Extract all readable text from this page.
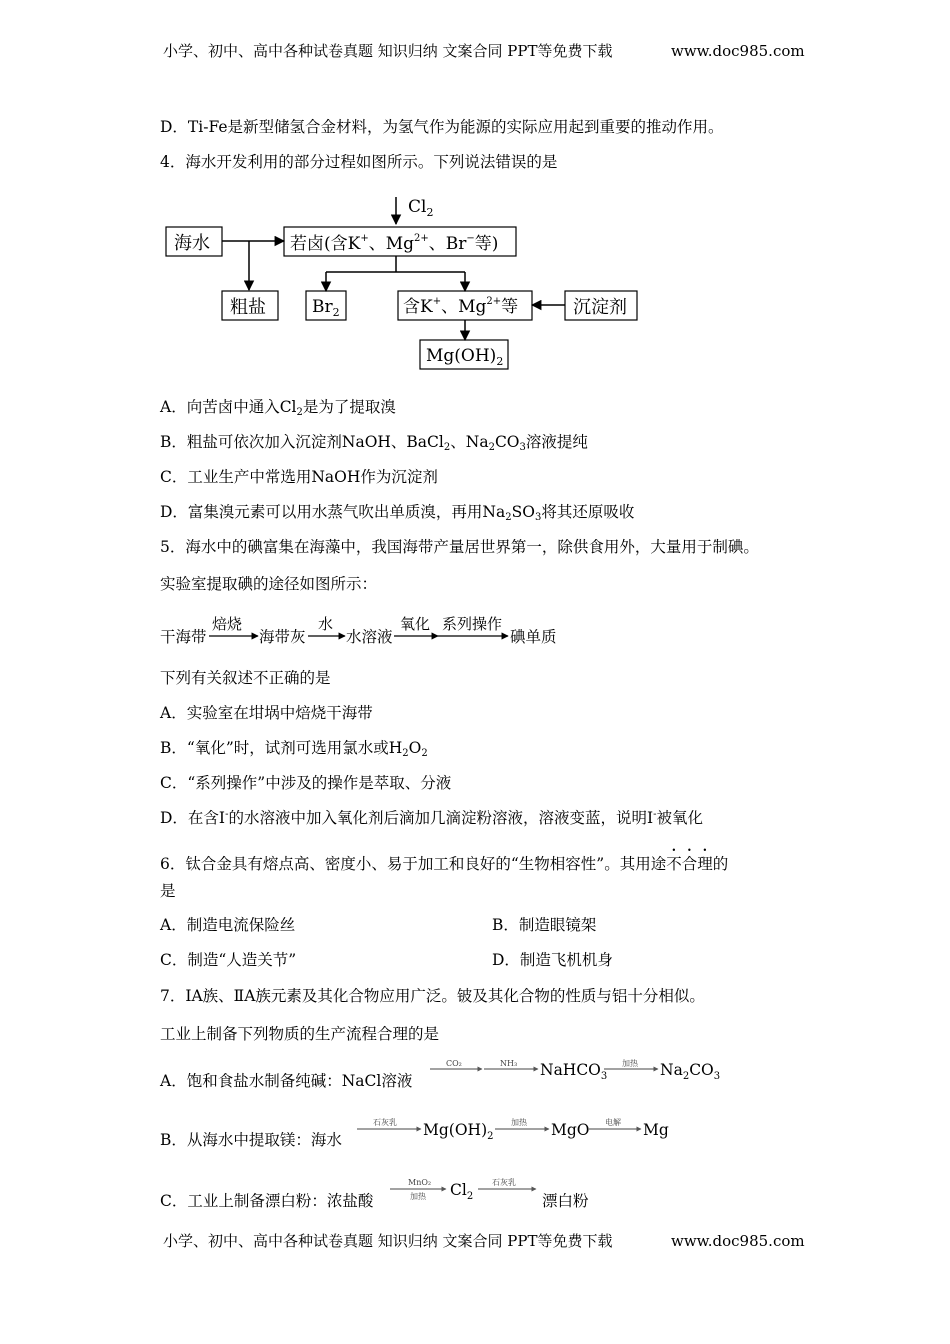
小学、初中、高中各种试卷真题 知识归纳 文案合同 PPT等免费下载	www.doc985.com
D．Ti-Fe是新型储氢合金材料，为氢气作为能源的实际应用起到重要的推动作用。
4．海水开发利用的部分过程如图所示。下列说法错误的是
$Cl_2$
海水	若卤(含K+、$Mg^{2+}$、Br−等)
粗盐	$Br_2$	含K+、$Mg^{2+}$等	沉淀剂
$Mg(OH)_2$
A．向苦卤中通入$Cl_2$是为了提取溴
B．粗盐可依次加入沉淀剂NaOH、BaCl$_2$、$Na_2CO_3$溶液提纯
C．工业生产中常选用NaOH作为沉淀剂
D．富集溴元素可以用水蒸气吹出单质溴，再用$Na_2SO_3$将其还原吸收
5．海水中的碘富集在海藻中，我国海带产量居世界第一，除供食用外，大量用于制碘。
实验室提取碘的途径如图所示：
干海带
焙烧
海带灰
水
水溶液
氧化 系列操作
碘单质
下列有关叙述不正确的是
A．实验室在坩埚中焙烧干海带
B．“氧化”时，试剂可选用氯水或$H_2O_2$
C．“系列操作”中涉及的操作是萃取、分液
D．在含I-的水溶液中加入氧化剂后滴加几滴淀粉溶液，溶液变蓝，说明I-被氧化
6．钛合金具有熔点高、密度小、易于加工和良好的“生物相容性”。其用途不合理的
是
A．制造电流保险丝	B．制造眼镜架
C．制造“人造关节”	D．制造飞机机身
7．ⅠA族、ⅡA族元素及其化合物应用广泛。铍及其化合物的性质与铝十分相似。
工业上制备下列物质的生产流程合理的是
A．饱和食盐水制备纯碱：NaCl溶液
CO₂	NH₃ NaHCO$_3$
加热 $Na_2CO_3$
B．从海水中提取镁：海水
石灰乳 $Mg(OH)_2$
加热 MgO 电解 Mg
C．工业上制备漂白粉：浓盐酸
MnO₂
加热 $Cl_2$
石灰乳
漂白粉
小学、初中、高中各种试卷真题 知识归纳 文案合同 PPT等免费下载	www.doc985.com
